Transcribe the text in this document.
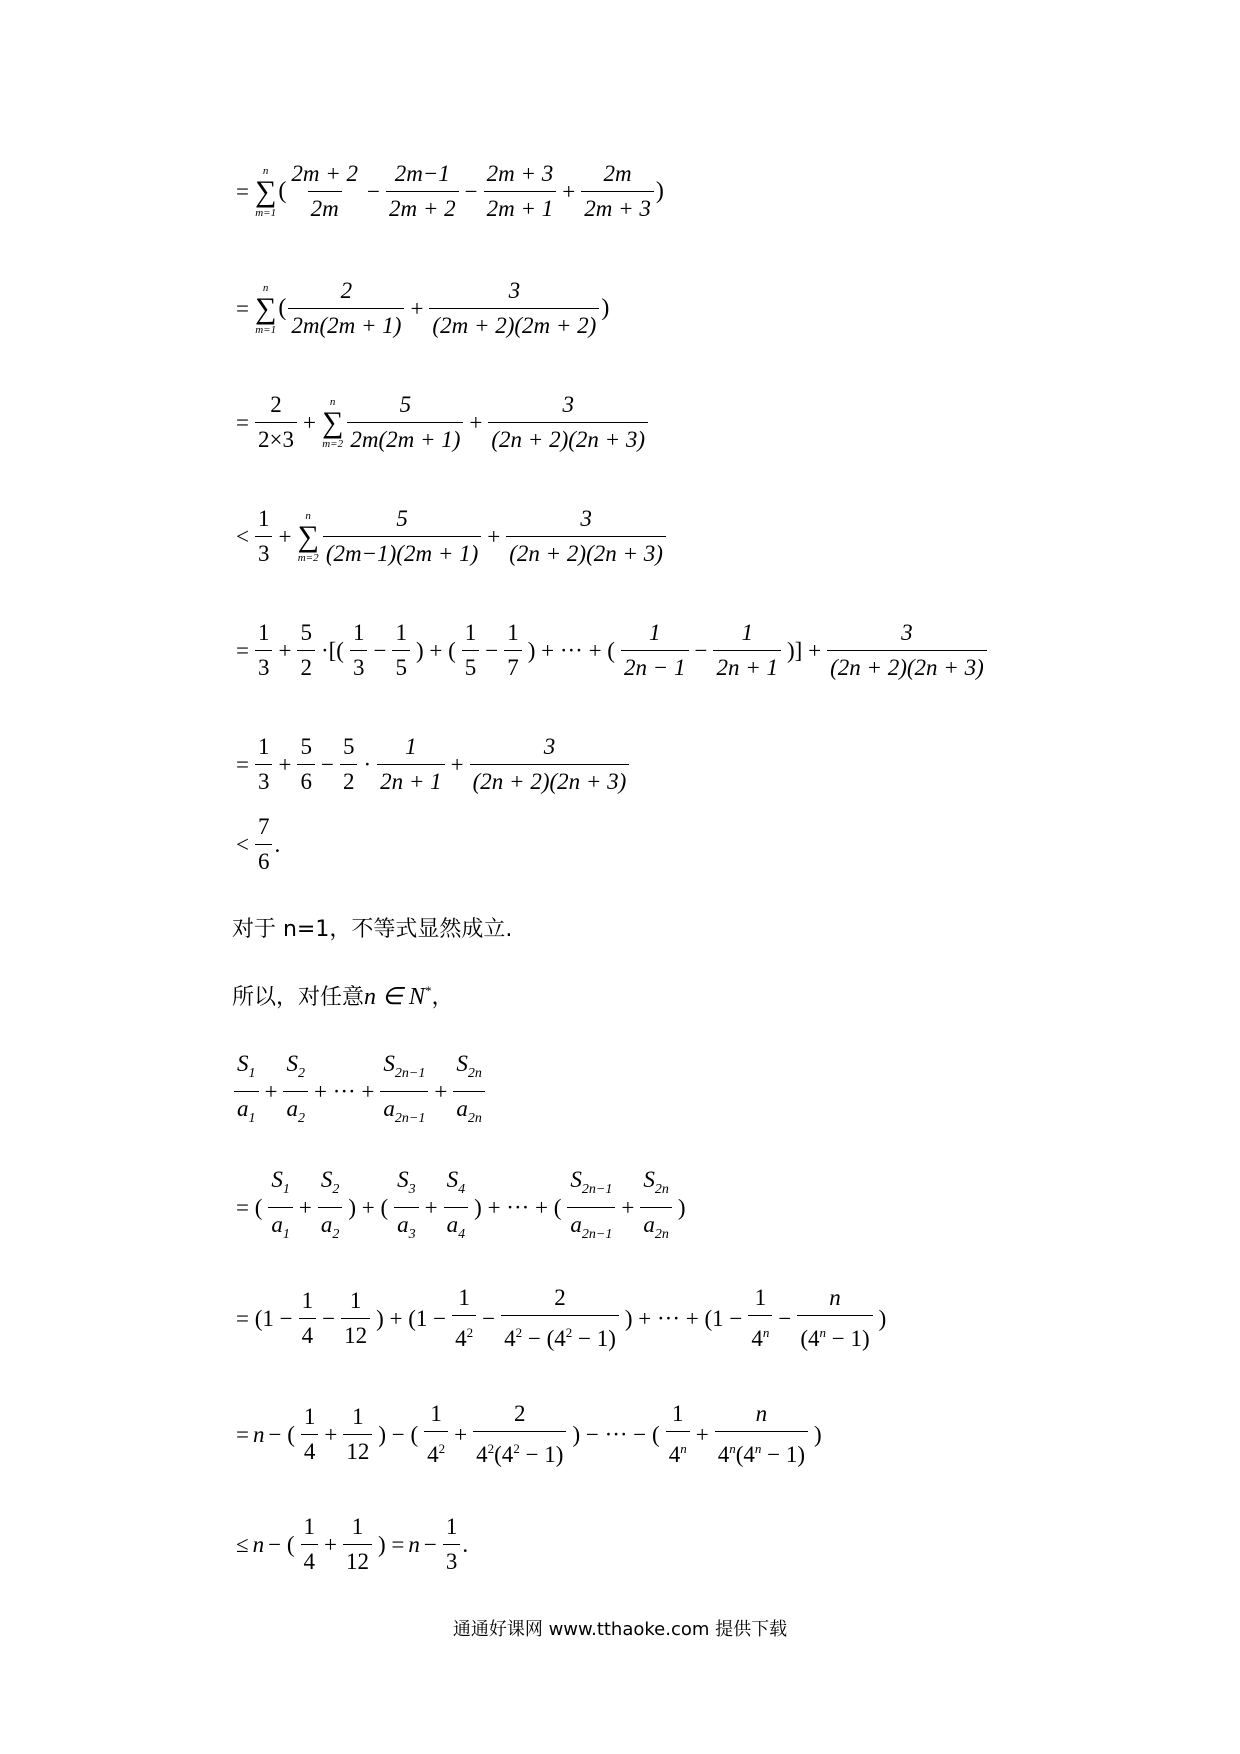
=
n
∑
m=1
( $\frac{2m + 2}{2m} - \frac{2m-1}{2m + 2} - \frac{2m + 3}{2m + 1} + \frac{2m}{2m + 3}$ )
=
n
∑
m=1
( $\frac{2}{2m(2m + 1)} + \frac{3}{(2m + 2)(2m + 2)}$ )
= $\frac{2}{2\times 3}$ +
n
∑
$m=2 \frac{5}{2m(2m + 1)} + \frac{3}{(2n + 2)(2n + 3)}$
< $\frac{1}{3}$ +
n
∑
$m=2 \frac{5}{(2m-1)(2m + 1)} + \frac{3}{(2n + 2)(2n + 3)}$
= $\frac{1}{3} + \frac{5}{2}$ ·[( $\frac{1}{3} - \frac{1}{5}$ ) + ( $\frac{1}{5} - \frac{1}{7}$ ) + ··· + ( $\frac{1}{2n - 1} - \frac{1}{2n + 1}$ )] + $\frac{3}{(2n + 2)(2n + 3)}$
= $\frac{1}{3} + \frac{5}{6} - \frac{5}{2} \cdot \frac{1}{2n + 1} + \frac{3}{(2n + 2)(2n + 3)}$
< $\frac{7}{6}$ .
对于 n=1，不等式显然成立.
所以，对任意n ∈ N*，
$\frac{S_1}{a_1} + \frac{S_2}{a_2}$ + ··· + $\frac{S_{2n-1}}{a_{2n-1}} + \frac{S_{2n}}{a_{2n}}$
= ( $\frac{S_1}{a_1} + \frac{S_2}{a_2}$ ) + ( $\frac{S_3}{a_3} + \frac{S_4}{a_4}$ ) + ··· + ( $\frac{S_{2n-1}}{a_{2n-1}} + \frac{S_{2n}}{a_{2n}}$ )
= ($1 - \frac{1}{4} - \frac{1}{12}$ ) + ($1 - \frac{1}{4^2} - \frac{2}{4^2 - (4^2 - 1)}$ ) + ··· + ($1 - \frac{1}{4^n} - \frac{n}{(4^n - 1)}$ )
= n − ( $\frac{1}{4} + \frac{1}{12}$ ) − ( $\frac{1}{4^2} + \frac{2}{4^2(4^2 - 1)}$ ) − ··· − ( $\frac{1}{4^n} + \frac{n}{4^n(4^n - 1)}$ )
≤ n − ( $\frac{1}{4} + \frac{1}{12}$ ) = $n - \frac{1}{3}$ .
通通好课网 www.tthaoke.com 提供下载
